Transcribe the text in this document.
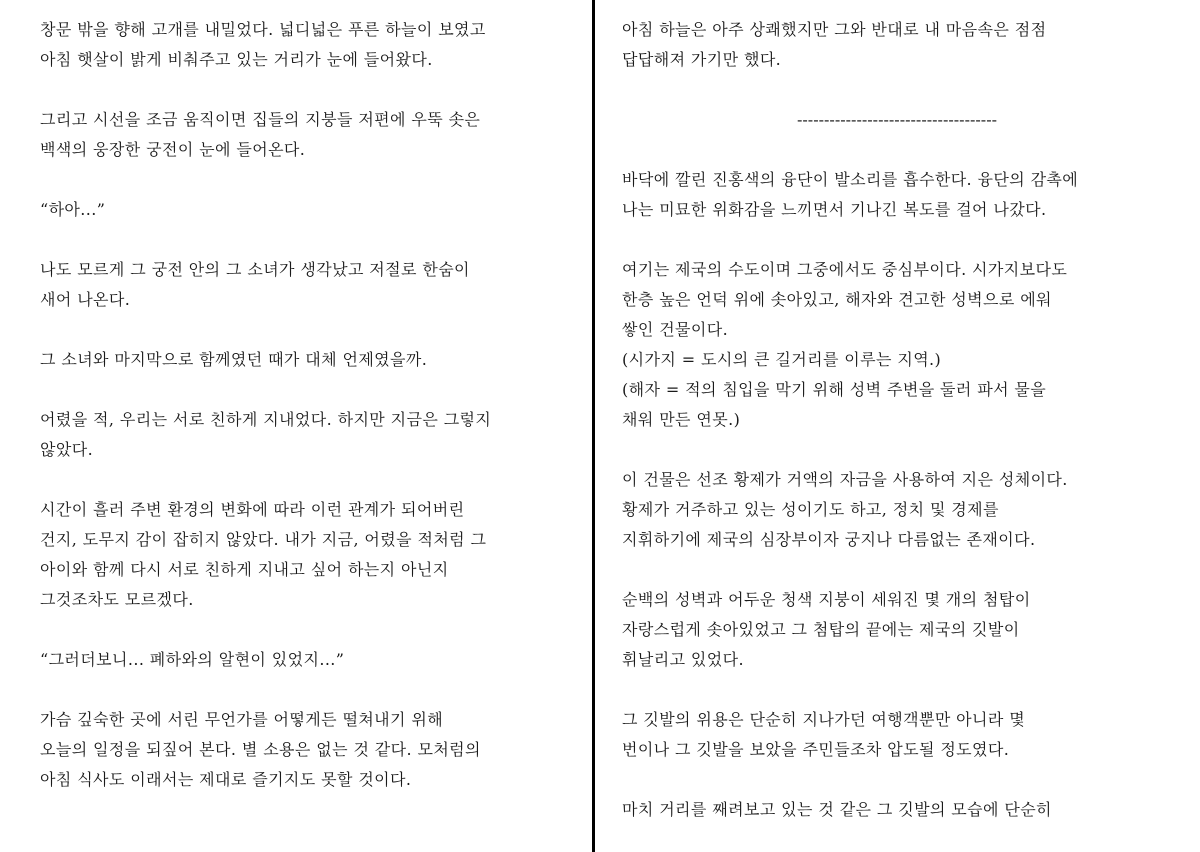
창문 밖을 향해 고개를 내밀었다. 넓디넓은 푸른 하늘이 보였고
아침 햇살이 밝게 비춰주고 있는 거리가 눈에 들어왔다.
그리고 시선을 조금 움직이면 집들의 지붕들 저편에 우뚝 솟은
백색의 웅장한 궁전이 눈에 들어온다.
“하아...”
나도 모르게 그 궁전 안의 그 소녀가 생각났고 저절로 한숨이
새어 나온다.
그 소녀와 마지막으로 함께였던 때가 대체 언제였을까.
어렸을 적, 우리는 서로 친하게 지내었다. 하지만 지금은 그렇지
않았다.
시간이 흘러 주변 환경의 변화에 따라 이런 관계가 되어버린
건지, 도무지 감이 잡히지 않았다. 내가 지금, 어렸을 적처럼 그
아이와 함께 다시 서로 친하게 지내고 싶어 하는지 아닌지
그것조차도 모르겠다.
“그러더보니... 폐하와의 알현이 있었지...”
가슴 깊숙한 곳에 서린 무언가를 어떻게든 떨쳐내기 위해
오늘의 일정을 되짚어 본다. 별 소용은 없는 것 같다. 모처럼의
아침 식사도 이래서는 제대로 즐기지도 못할 것이다.
아침 하늘은 아주 상쾌했지만 그와 반대로 내 마음속은 점점
답답해져 가기만 했다.
-------------------------------------
바닥에 깔린 진홍색의 융단이 발소리를 흡수한다. 융단의 감촉에
나는 미묘한 위화감을 느끼면서 기나긴 복도를 걸어 나갔다.
여기는 제국의 수도이며 그중에서도 중심부이다. 시가지보다도
한층 높은 언덕 위에 솟아있고, 해자와 견고한 성벽으로 에워
쌓인 건물이다.
(시가지 = 도시의 큰 길거리를 이루는 지역.)
(해자 = 적의 침입을 막기 위해 성벽 주변을 둘러 파서 물을
채워 만든 연못.)
이 건물은 선조 황제가 거액의 자금을 사용하여 지은 성체이다.
황제가 거주하고 있는 성이기도 하고, 정치 및 경제를
지휘하기에 제국의 심장부이자 궁지나 다름없는 존재이다.
순백의 성벽과 어두운 청색 지붕이 세워진 몇 개의 첨탑이
자랑스럽게 솟아있었고 그 첨탑의 끝에는 제국의 깃발이
휘날리고 있었다.
그 깃발의 위용은 단순히 지나가던 여행객뿐만 아니라 몇
번이나 그 깃발을 보았을 주민들조차 압도될 정도였다.
마치 거리를 째려보고 있는 것 같은 그 깃발의 모습에 단순히
